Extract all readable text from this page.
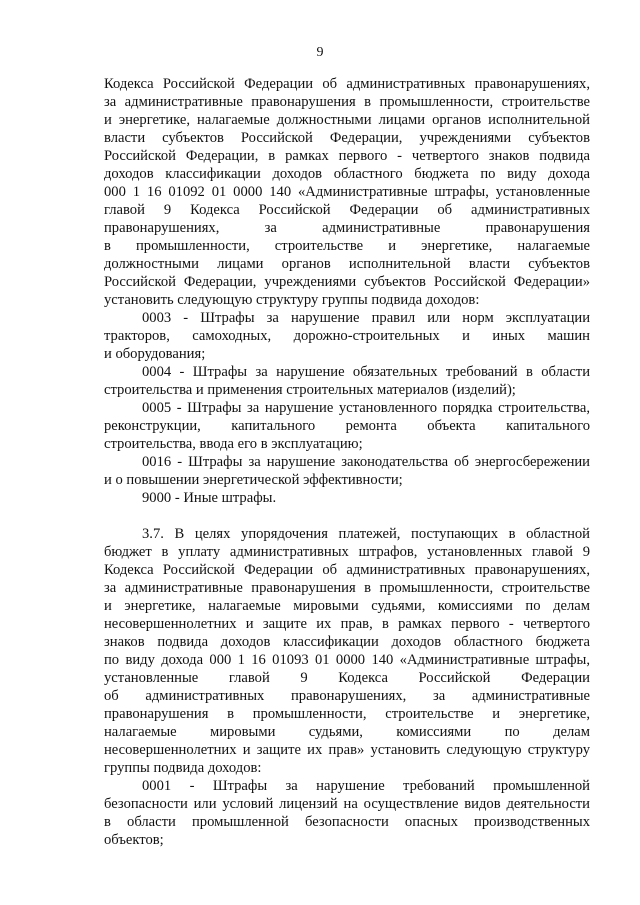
9
Кодекса Российской Федерации об административных правонарушениях,
за административные правонарушения в промышленности, строительстве
и энергетике, налагаемые должностными лицами органов исполнительной
власти субъектов Российской Федерации, учреждениями субъектов
Российской Федерации, в рамках первого - четвертого знаков подвида
доходов классификации доходов областного бюджета по виду дохода
000 1 16 01092 01 0000 140 «Административные штрафы, установленные
главой 9 Кодекса Российской Федерации об административных
правонарушениях, за административные правонарушения
в промышленности, строительстве и энергетике, налагаемые
должностными лицами органов исполнительной власти субъектов
Российской Федерации, учреждениями субъектов Российской Федерации»
установить следующую структуру группы подвида доходов:
0003 - Штрафы за нарушение правил или норм эксплуатации
тракторов, самоходных, дорожно-строительных и иных машин
и оборудования;
0004 - Штрафы за нарушение обязательных требований в области
строительства и применения строительных материалов (изделий);
0005 - Штрафы за нарушение установленного порядка строительства,
реконструкции, капитального ремонта объекта капитального
строительства, ввода его в эксплуатацию;
0016 - Штрафы за нарушение законодательства об энергосбережении
и о повышении энергетической эффективности;
9000 - Иные штрафы.
3.7. В целях упорядочения платежей, поступающих в областной
бюджет в уплату административных штрафов, установленных главой 9
Кодекса Российской Федерации об административных правонарушениях,
за административные правонарушения в промышленности, строительстве
и энергетике, налагаемые мировыми судьями, комиссиями по делам
несовершеннолетних и защите их прав, в рамках первого - четвертого
знаков подвида доходов классификации доходов областного бюджета
по виду дохода 000 1 16 01093 01 0000 140 «Административные штрафы,
установленные главой 9 Кодекса Российской Федерации
об административных правонарушениях, за административные
правонарушения в промышленности, строительстве и энергетике,
налагаемые мировыми судьями, комиссиями по делам
несовершеннолетних и защите их прав» установить следующую структуру
группы подвида доходов:
0001 - Штрафы за нарушение требований промышленной
безопасности или условий лицензий на осуществление видов деятельности
в области промышленной безопасности опасных производственных
объектов;
